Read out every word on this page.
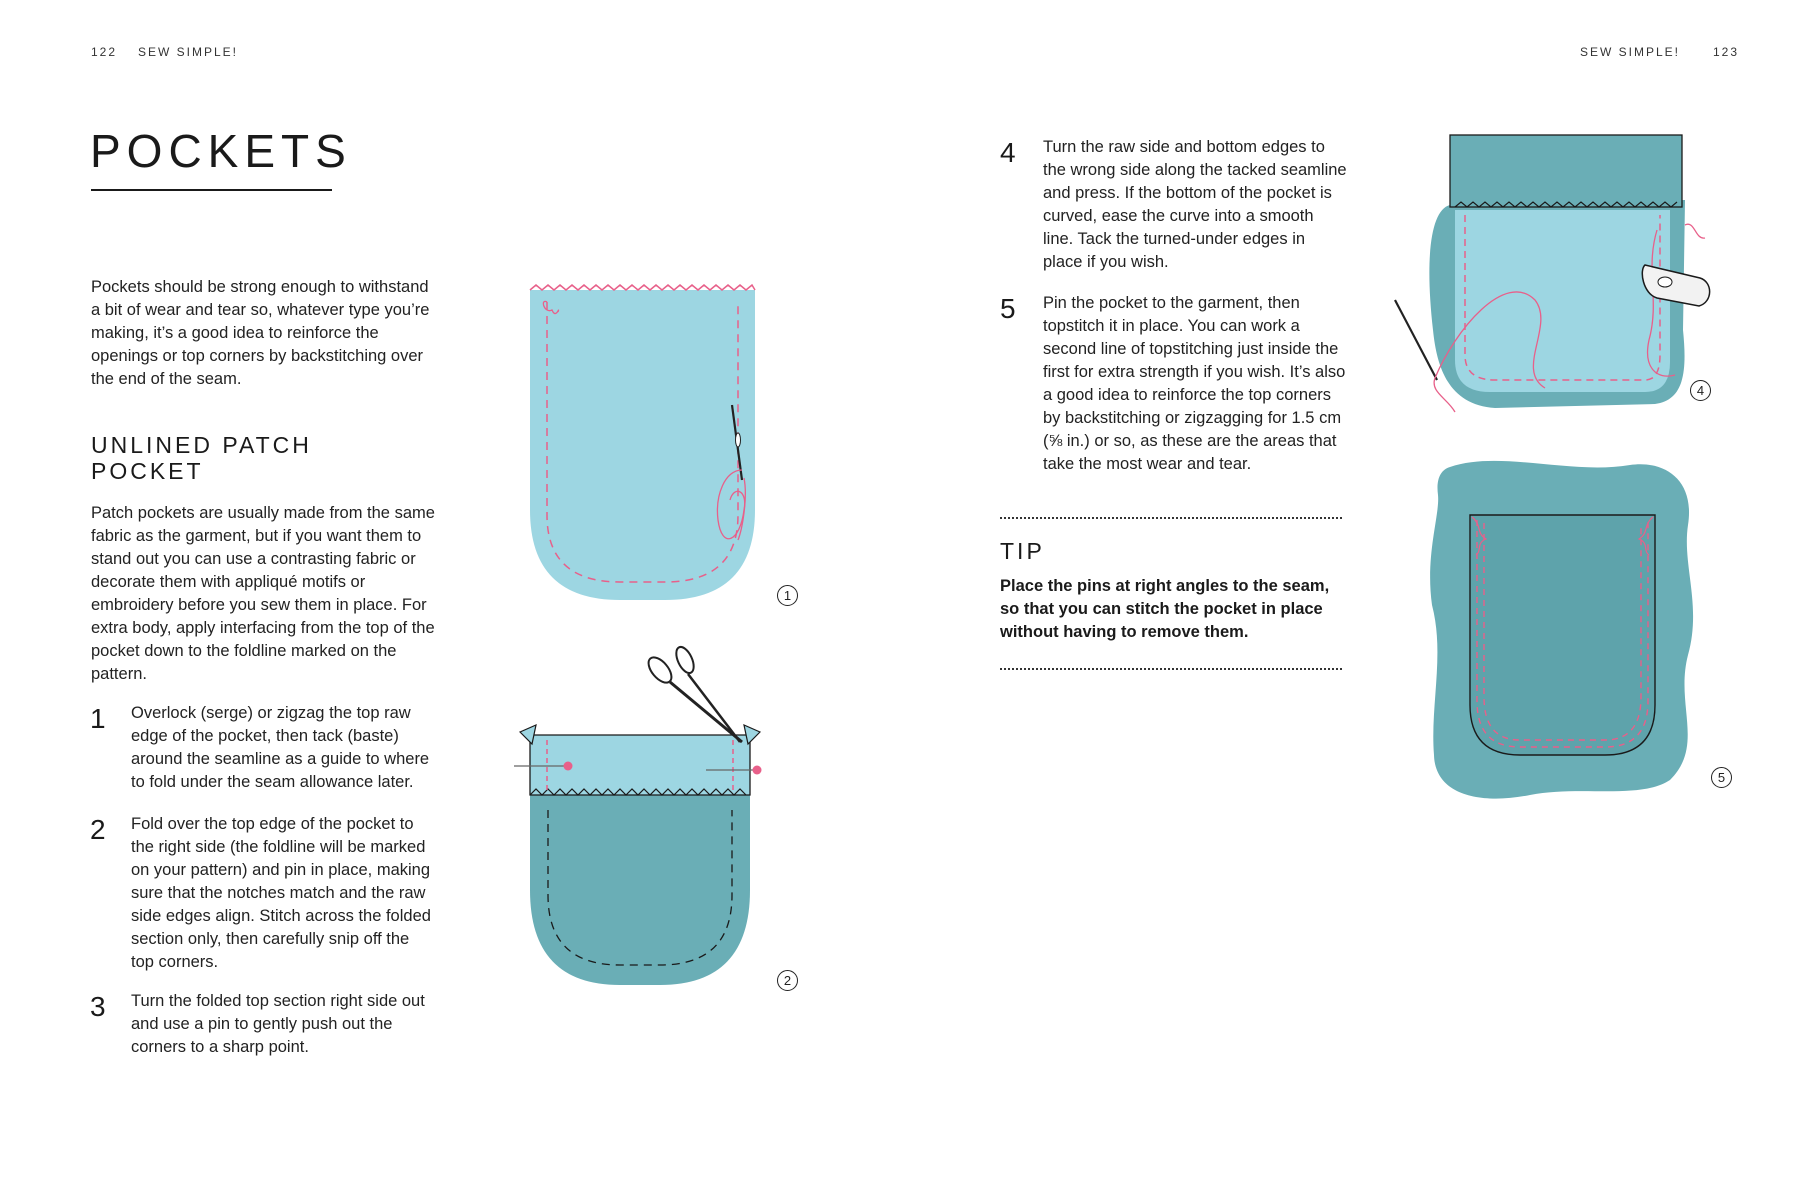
122 SEW SIMPLE!	SEW SIMPLE!	123
POCKETS
Pockets should be strong enough to withstand a bit of wear and tear so, whatever type you’re making, it’s a good idea to reinforce the openings or top corners by backstitching over the end of the seam.
UNLINED PATCH
POCKET
Patch pockets are usually made from the same fabric as the garment, but if you want them to stand out you can use a contrasting fabric or decorate them with appliqué motifs or embroidery before you sew them in place. For extra body, apply interfacing from the top of the pocket down to the foldline marked on the pattern.
1 Overlock (serge) or zigzag the top raw edge of the pocket, then tack (baste) around the seamline as a guide to where to fold under the seam allowance later.
2 Fold over the top edge of the pocket to the right side (the foldline will be marked on your pattern) and pin in place, making sure that the notches match and the raw side edges align. Stitch across the folded section only, then carefully snip off the top corners.
3 Turn the folded top section right side out and use a pin to gently push out the corners to a sharp point.
4 Turn the raw side and bottom edges to the wrong side along the tacked seamline and press. If the bottom of the pocket is curved, ease the curve into a smooth line. Tack the turned-under edges in place if you wish.
5 Pin the pocket to the garment, then topstitch it in place. You can work a second line of topstitching just inside the first for extra strength if you wish. It’s also a good idea to reinforce the top corners by backstitching or zigzagging for 1.5 cm (⅝ in.) or so, as these are the areas that take the most wear and tear.
TIP
Place the pins at right angles to the seam, so that you can stitch the pocket in place without having to remove them.
1
2
4
5
